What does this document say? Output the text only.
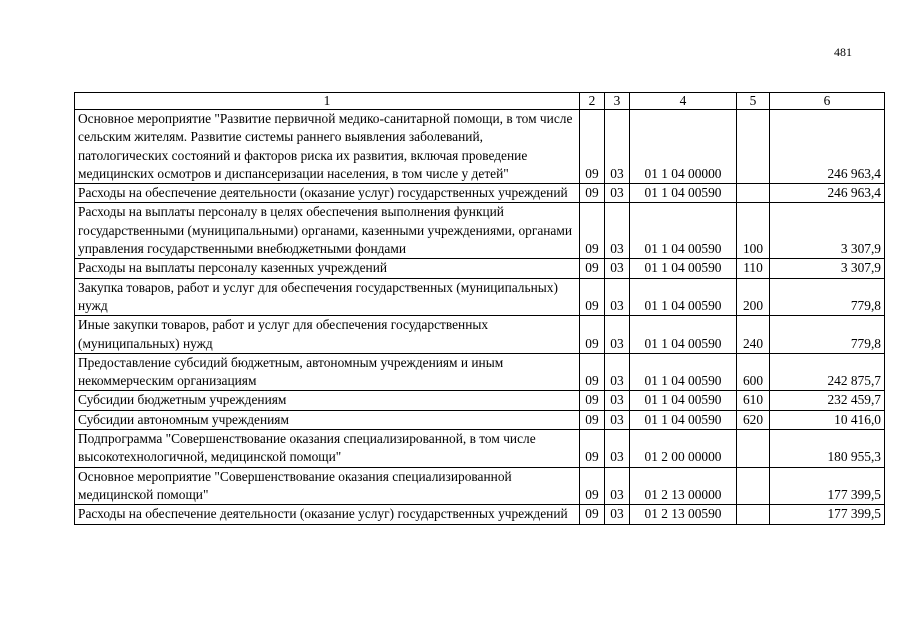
481
1	2	3	4	5	6
Основное мероприятие "Развитие первичной медико-санитарной помощи, в том числе сельским жителям. Развитие системы раннего выявления заболеваний, патологических состояний и факторов риска их развития, включая проведение медицинских осмотров и диспансеризации населения, в том числе у детей"	09	03	01 1 04 00000		246 963,4
Расходы на обеспечение деятельности (оказание услуг) государственных учреждений	09	03	01 1 04 00590		246 963,4
Расходы на выплаты персоналу в целях обеспечения выполнения функций государственными (муниципальными) органами, казенными учреждениями, органами управления государственными внебюджетными фондами	09	03	01 1 04 00590	100	3 307,9
Расходы на выплаты персоналу казенных учреждений	09	03	01 1 04 00590	110	3 307,9
Закупка товаров, работ и услуг для обеспечения государственных (муниципальных) нужд	09	03	01 1 04 00590	200	779,8
Иные закупки товаров, работ и услуг для обеспечения государственных (муниципальных) нужд	09	03	01 1 04 00590	240	779,8
Предоставление субсидий бюджетным, автономным учреждениям и иным некоммерческим организациям	09	03	01 1 04 00590	600	242 875,7
Субсидии бюджетным учреждениям	09	03	01 1 04 00590	610	232 459,7
Субсидии автономным учреждениям	09	03	01 1 04 00590	620	10 416,0
Подпрограмма "Совершенствование оказания специализированной, в том числе высокотехнологичной, медицинской помощи"	09	03	01 2 00 00000		180 955,3
Основное мероприятие "Совершенствование оказания специализированной медицинской помощи"	09	03	01 2 13 00000		177 399,5
Расходы на обеспечение деятельности (оказание услуг) государственных учреждений	09	03	01 2 13 00590		177 399,5
